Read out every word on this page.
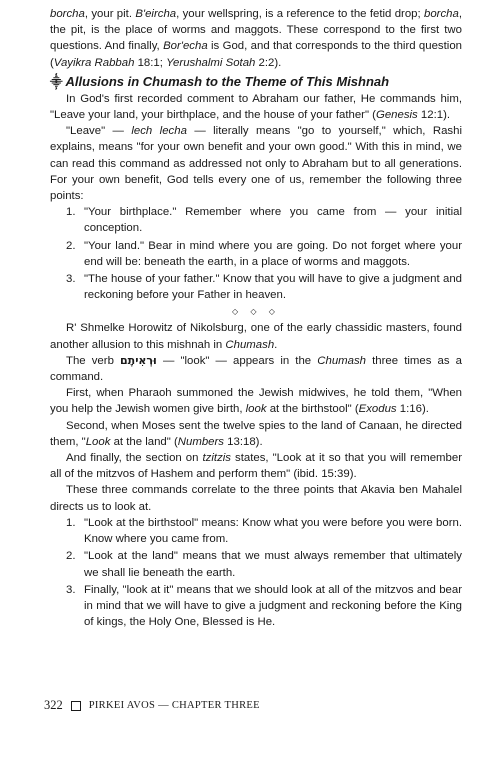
borcha, your pit. B'eircha, your wellspring, is a reference to the fetid drop; borcha, the pit, is the place of worms and maggots. These correspond to the first two questions. And finally, Bor'echa is God, and that corresponds to the third question (Vayikra Rabbah 18:1; Yerushalmi Sotah 2:2).

⸎ Allusions in Chumash to the Theme of This Mishnah

In God's first recorded comment to Abraham our father, He commands him, "Leave your land, your birthplace, and the house of your father" (Genesis 12:1).

"Leave" — lech lecha — literally means "go to yourself," which, Rashi explains, means "for your own benefit and your own good." With this in mind, we can read this command as addressed not only to Abraham but to all generations. For your own benefit, God tells every one of us, remember the following three points:

1. "Your birthplace." Remember where you came from — your initial conception.
2. "Your land." Bear in mind where you are going. Do not forget where your end will be: beneath the earth, in a place of worms and maggots.
3. "The house of your father." Know that you will have to give a judgment and reckoning before your Father in heaven.
◇ ◇ ◇

R' Shmelke Horowitz of Nikolsburg, one of the early chassidic masters, found another allusion to this mishnah in Chumash.

The verb וּרְאִיתֶם — "look" — appears in the Chumash three times as a command.

First, when Pharaoh summoned the Jewish midwives, he told them, "When you help the Jewish women give birth, look at the birthstool" (Exodus 1:16).

Second, when Moses sent the twelve spies to the land of Canaan, he directed them, "Look at the land" (Numbers 13:18).

And finally, the section on tzitzis states, "Look at it so that you will remember all of the mitzvos of Hashem and perform them" (ibid. 15:39).

These three commands correlate to the three points that Akavia ben Mahalel directs us to look at.

1. "Look at the birthstool" means: Know what you were before you were born. Know where you came from.
2. "Look at the land" means that we must always remember that ultimately we shall lie beneath the earth.
3. Finally, "look at it" means that we should look at all of the mitzvos and bear in mind that we will have to give a judgment and reckoning before the King of kings, the Holy One, Blessed is He.
322 PIRKEI AVOS — CHAPTER THREE
